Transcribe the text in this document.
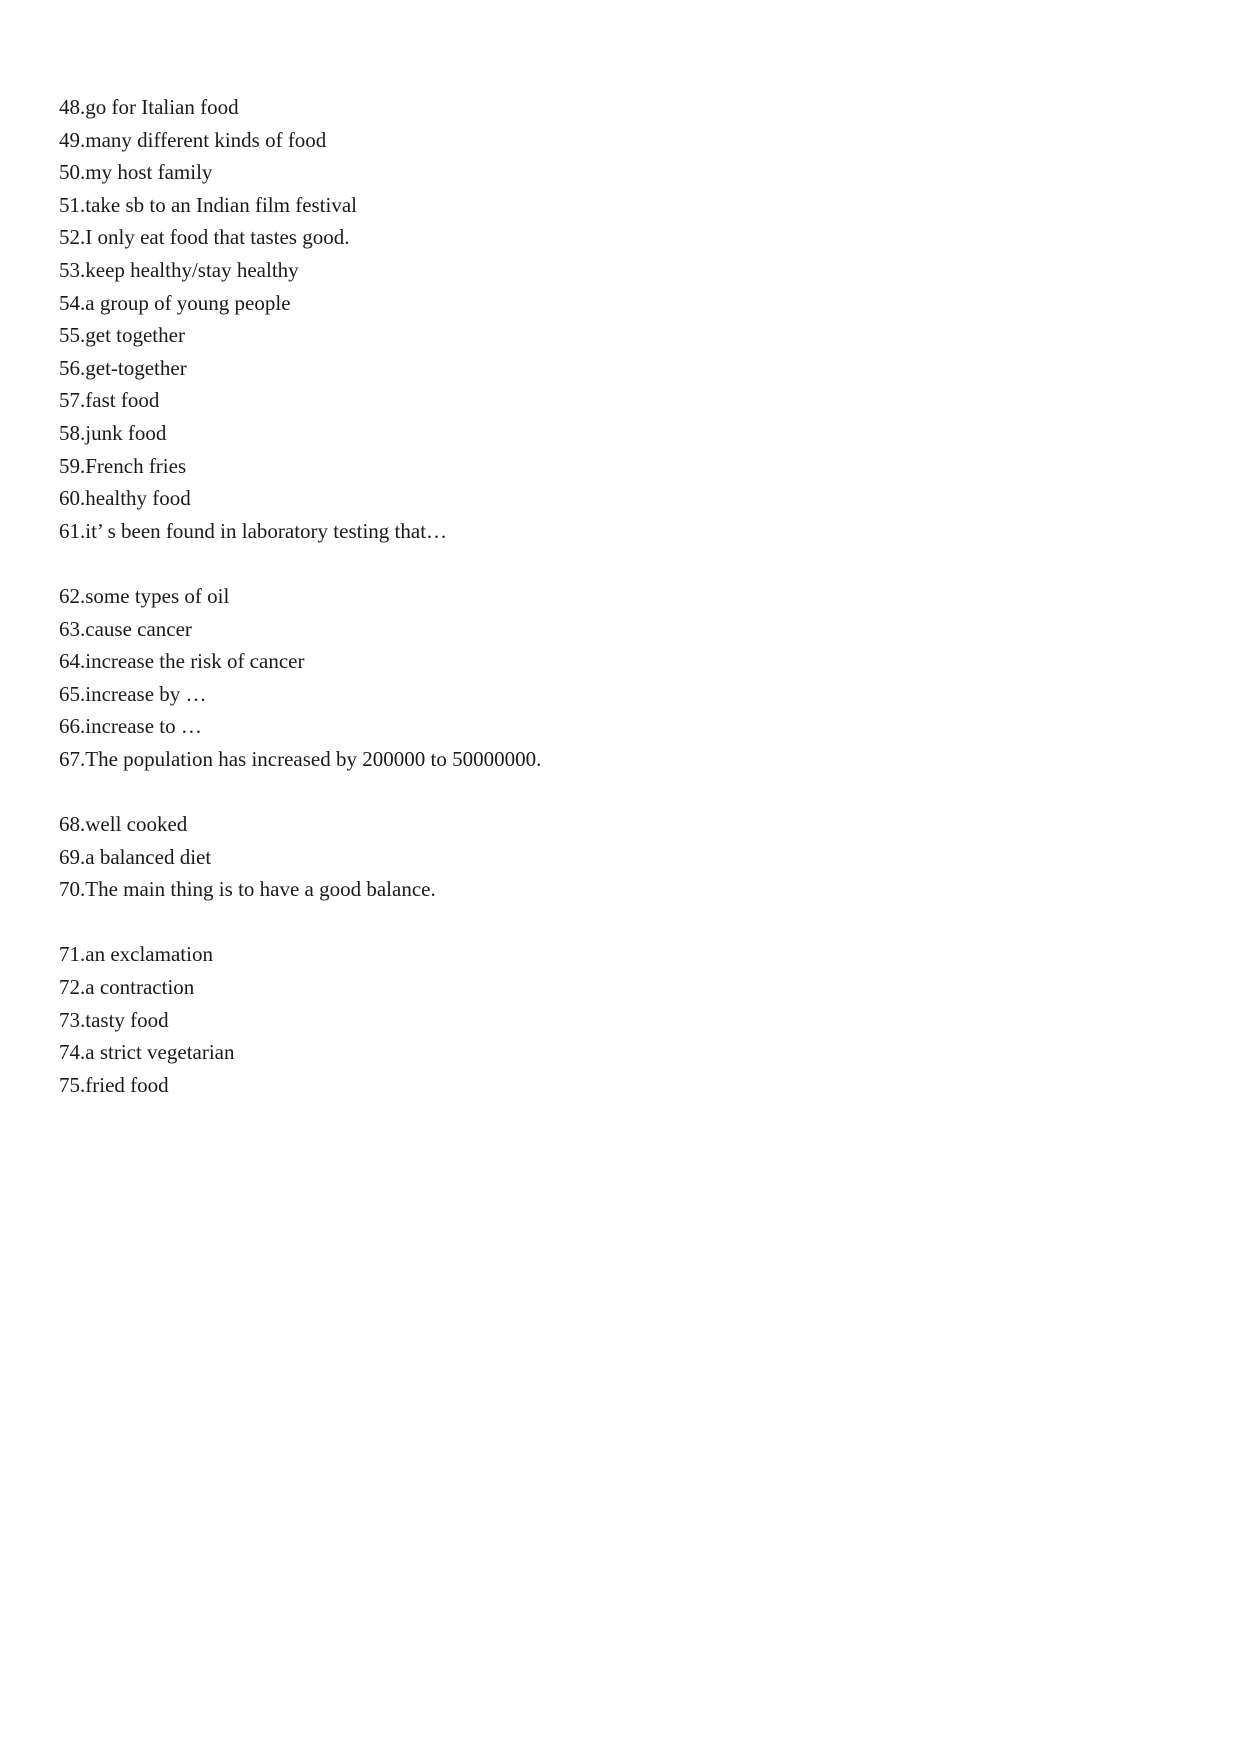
48.go for Italian food
49.many different kinds of food
50.my host family
51.take sb to an Indian film festival
52.I only eat food that tastes good.
53.keep healthy/stay healthy
54.a group of young people
55.get together
56.get-together
57.fast food
58.junk food
59.French fries
60.healthy food
61.it’ s been found in laboratory testing that…
62.some types of oil
63.cause cancer
64.increase the risk of cancer
65.increase by …
66.increase to …
67.The population has increased by 200000 to 50000000.
68.well cooked
69.a balanced diet
70.The main thing is to have a good balance.
71.an exclamation
72.a contraction
73.tasty food
74.a strict vegetarian
75.fried food
